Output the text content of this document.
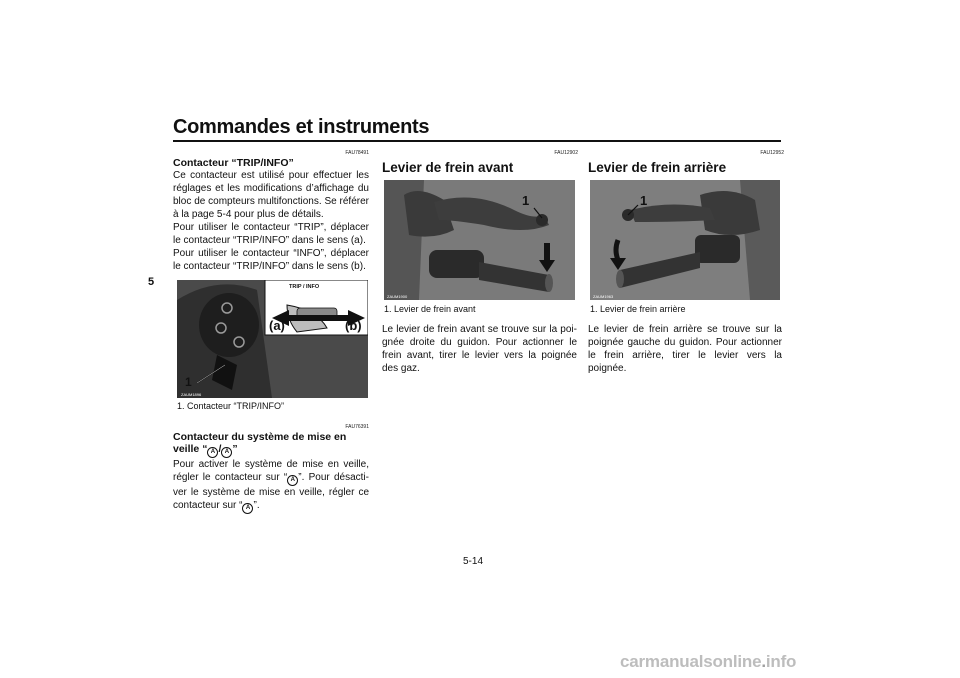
Commandes et instruments
5
FAU78491
Contacteur “TRIP/INFO”

Ce contacteur est utilisé pour effectuer les réglages et les modifications d’affichage du bloc de compteurs multifonctions. Se référer à la page 5-4 pour plus de détails.

Pour utiliser le contacteur “TRIP”, déplacer le contacteur “TRIP/INFO” dans le sens (a).

Pour utiliser le contacteur “INFO”, déplacer le contacteur “TRIP/INFO” dans le sens (b).

TRIP / INFO
(a)	(b)
1
ZAUM1896
1. Contacteur “TRIP/INFO”
FAU76391
Contacteur du système de mise en
veille “ A / A ”

Pour activer le système de mise en veille, régler le contacteur sur “ A ”. Pour désactiver le système de mise en veille, régler ce contacteur sur “ A ”.

FAU12902
Levier de frein avant
1
ZAUM1900
1. Levier de frein avant

Le levier de frein avant se trouve sur la poignée droite du guidon. Pour actionner le frein avant, tirer le levier vers la poignée des gaz.

FAU12952
Levier de frein arrière
1
ZAUM1963
1. Levier de frein arrière

Le levier de frein arrière se trouve sur la poignée gauche du guidon. Pour actionner le frein arrière, tirer le levier vers la poignée.

5-14
carmanualsonline.info
